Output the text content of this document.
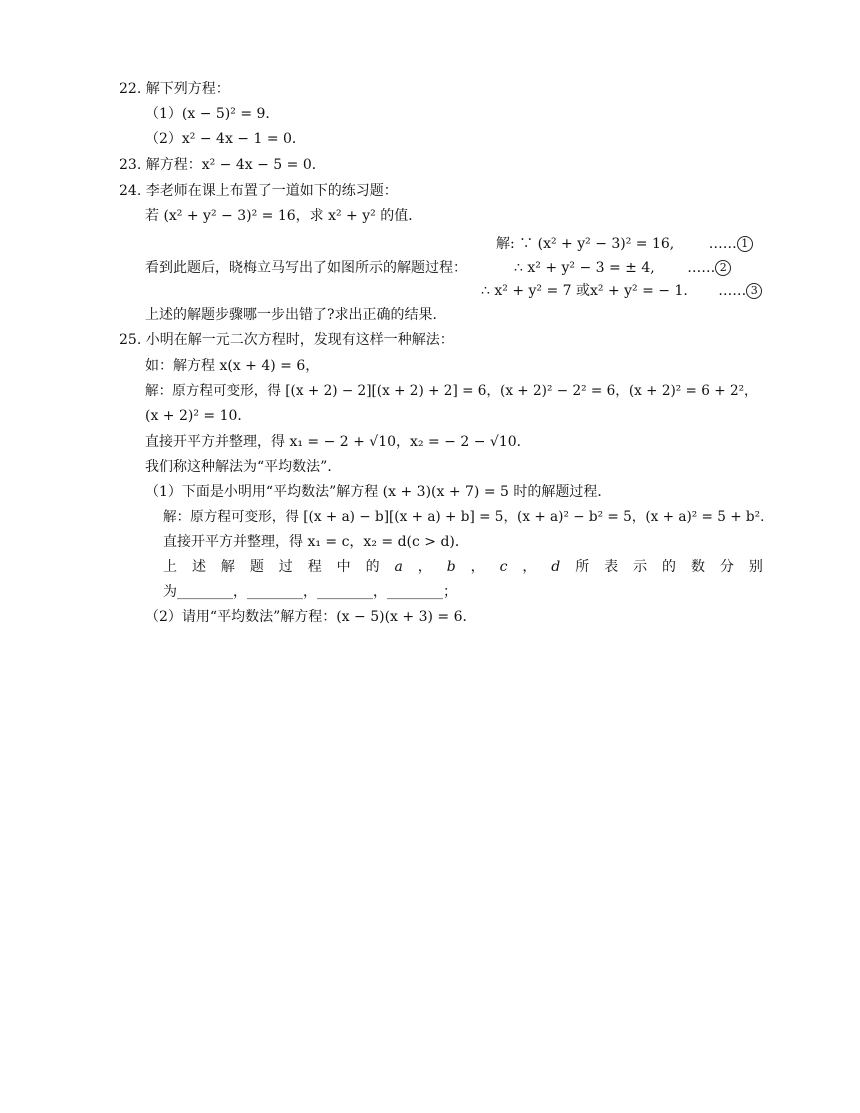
22. 解下列方程：
（1）(x − 5)² = 9．
（2）x² − 4x − 1 = 0．
23. 解方程：x² − 4x − 5 = 0．
24. 李老师在课上布置了一道如下的练习题：
若 (x² + y² − 3)² = 16，求 x² + y² 的值．
解: ∵ (x² + y² − 3)² = 16, …… 1
看到此题后，晓梅立马写出了如图所示的解题过程：	∴ x² + y² − 3 = ± 4, …… 2
∴ x² + y² = 7 或x² + y² = − 1. …… 3
上述的解题步骤哪一步出错了?求出正确的结果．
25. 小明在解一元二次方程时，发现有这样一种解法：
如：解方程 x(x + 4) = 6，
解：原方程可变形，得 [(x + 2) − 2][(x + 2) + 2] = 6，(x + 2)² − 2² = 6，(x + 2)² = 6 + 2²，
(x + 2)² = 10．
直接开平方并整理，得 x₁ = − 2 + √10，x₂ = − 2 − √10．
我们称这种解法为“平均数法”．
（1）下面是小明用“平均数法”解方程 (x + 3)(x + 7) = 5 时的解题过程．
解：原方程可变形，得 [(x + a) − b][(x + a) + b] = 5，(x + a)² − b² = 5，(x + a)² = 5 + b²．
直接开平方并整理，得 x₁ = c，x₂ = d(c > d)．
上 述 解 题 过 程 中 的 a ， b ， c ， d 所 表 示 的 数 分 别
为________，________，________，________；
（2）请用“平均数法”解方程：(x − 5)(x + 3) = 6．
